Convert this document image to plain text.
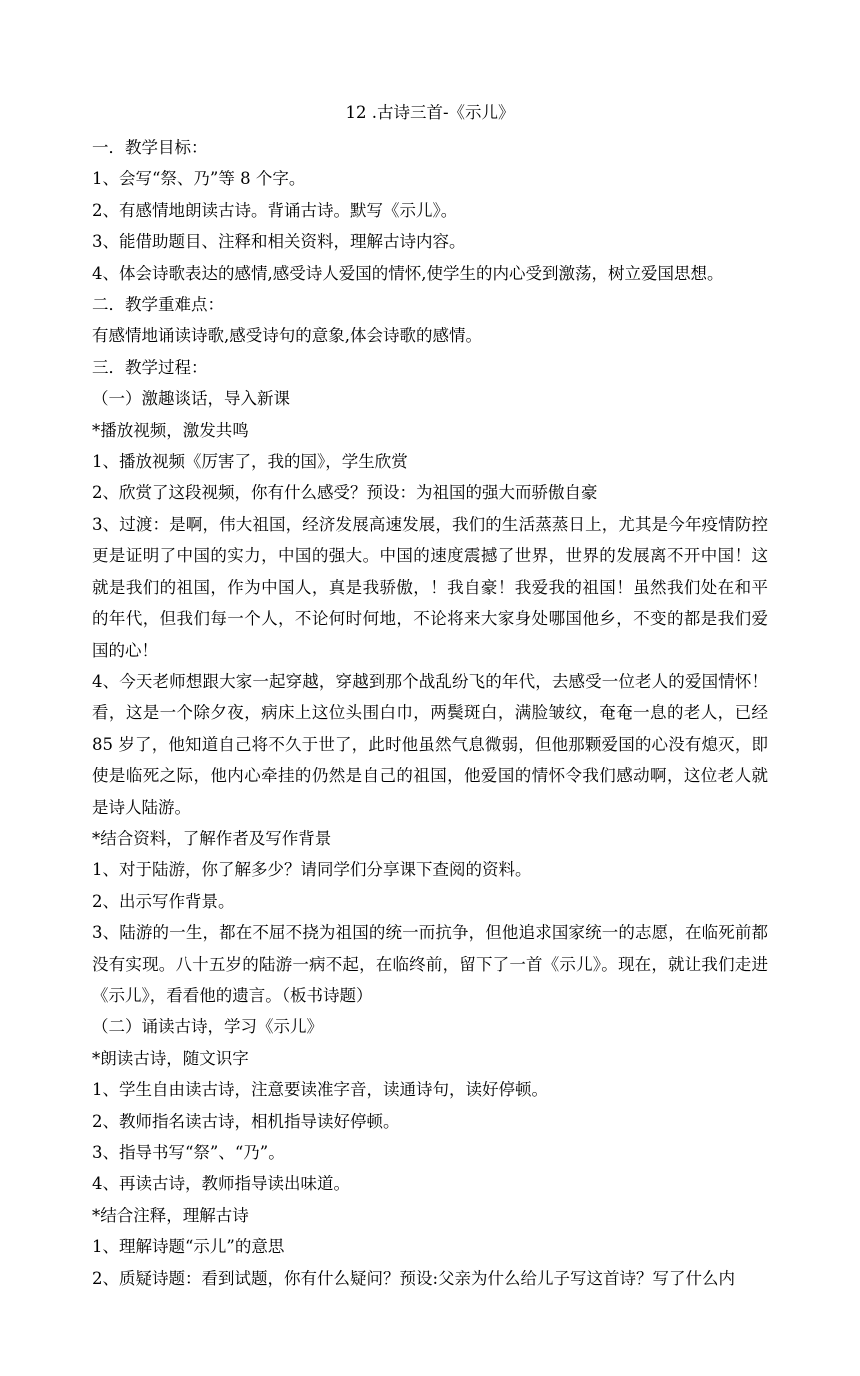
12 .古诗三首-《示儿》
一．教学目标：
1、会写“祭、乃”等 8 个字。
2、有感情地朗读古诗。背诵古诗。默写《示儿》。
3、能借助题目、注释和相关资料，理解古诗内容。
4、体会诗歌表达的感情,感受诗人爱国的情怀,使学生的内心受到激荡，树立爱国思想。
二．教学重难点：
有感情地诵读诗歌,感受诗句的意象,体会诗歌的感情。
三．教学过程：
（一）激趣谈话，导入新课
*播放视频，激发共鸣
1、播放视频《厉害了，我的国》，学生欣赏
2、欣赏了这段视频，你有什么感受？预设：为祖国的强大而骄傲自豪
3、过渡：是啊，伟大祖国，经济发展高速发展，我们的生活蒸蒸日上，尤其是今年疫情防控更是证明了中国的实力，中国的强大。中国的速度震撼了世界，世界的发展离不开中国！这就是我们的祖国，作为中国人，真是我骄傲，！我自豪！我爱我的祖国！虽然我们处在和平的年代，但我们每一个人，不论何时何地，不论将来大家身处哪国他乡，不变的都是我们爱国的心！
4、今天老师想跟大家一起穿越，穿越到那个战乱纷飞的年代，去感受一位老人的爱国情怀！看，这是一个除夕夜，病床上这位头围白巾，两鬓斑白，满脸皱纹，奄奄一息的老人，已经 85 岁了，他知道自己将不久于世了，此时他虽然气息微弱，但他那颗爱国的心没有熄灭，即使是临死之际，他内心牵挂的仍然是自己的祖国，他爱国的情怀令我们感动啊，这位老人就是诗人陆游。
*结合资料，了解作者及写作背景
1、对于陆游，你了解多少？请同学们分享课下查阅的资料。
2、出示写作背景。
3、陆游的一生，都在不屈不挠为祖国的统一而抗争，但他追求国家统一的志愿，在临死前都没有实现。八十五岁的陆游一病不起，在临终前，留下了一首《示儿》。现在，就让我们走进《示儿》，看看他的遗言。（板书诗题）
（二）诵读古诗，学习《示儿》
*朗读古诗，随文识字
1、学生自由读古诗，注意要读准字音，读通诗句，读好停顿。
2、教师指名读古诗，相机指导读好停顿。
3、指导书写“祭”、“乃”。
4、再读古诗，教师指导读出味道。
*结合注释，理解古诗
1、理解诗题“示儿”的意思
2、质疑诗题：看到试题，你有什么疑问？预设:父亲为什么给儿子写这首诗？写了什么内
